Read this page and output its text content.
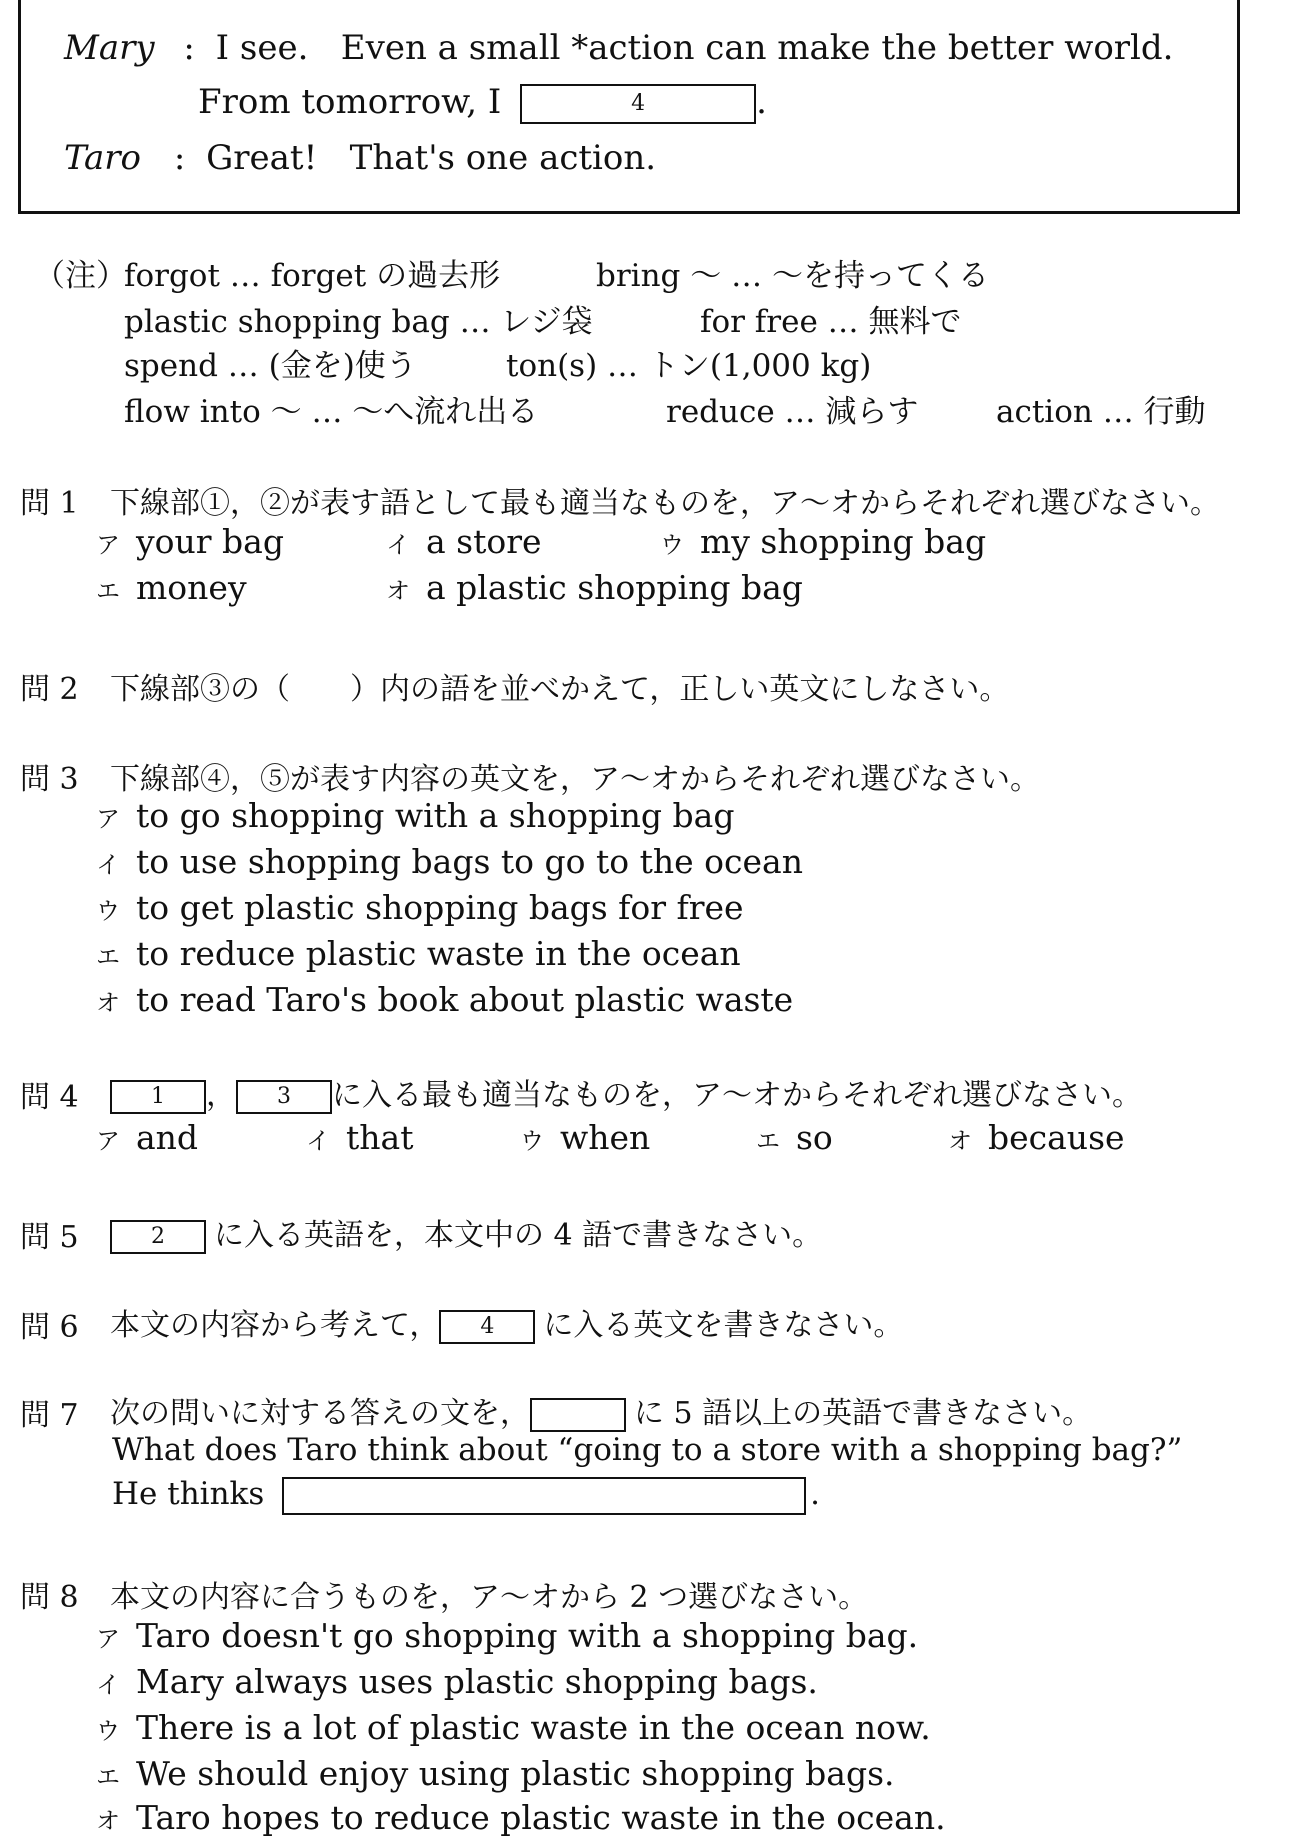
Mary : I see.   Even a small *action can make the better world.
From tomorrow, I	4	.
Taro : Great!   That's one action.
（注）
forgot … forget の過去形	bring 〜 … 〜を持ってくる
plastic shopping bag … レジ袋	for free … 無料で
spend … (金を)使う	ton(s) … トン(1,000 kg)
flow into 〜 … 〜へ流れ出る	reduce … 減らす	action … 行動
問 1 下線部①，②が表す語として最も適当なものを，ア〜オからそれぞれ選びなさい。
ア your bag	イ a store	ウ my shopping bag
エ money	オ a plastic shopping bag
問 2 下線部③の（　　）内の語を並べかえて，正しい英文にしなさい。
問 3 下線部④，⑤が表す内容の英文を，ア〜オからそれぞれ選びなさい。
ア to go shopping with a shopping bag
イ to use shopping bags to go to the ocean
ウ to get plastic shopping bags for free
エ to reduce plastic waste in the ocean
オ to read Taro's book about plastic waste
問 4	1 ， 3 に入る最も適当なものを，ア〜オからそれぞれ選びなさい。
ア and	イ that	ウ when	エ so	オ because
問 5	2 に入る英語を，本文中の 4 語で書きなさい。
問 6 本文の内容から考えて， 4 に入る英文を書きなさい。
問 7 次の問いに対する答えの文を，	に 5 語以上の英語で書きなさい。
What does Taro think about “going to a store with a shopping bag?”
He thinks	.
問 8 本文の内容に合うものを，ア〜オから 2 つ選びなさい。
ア Taro doesn't go shopping with a shopping bag.
イ Mary always uses plastic shopping bags.
ウ There is a lot of plastic waste in the ocean now.
エ We should enjoy using plastic shopping bags.
オ Taro hopes to reduce plastic waste in the ocean.
